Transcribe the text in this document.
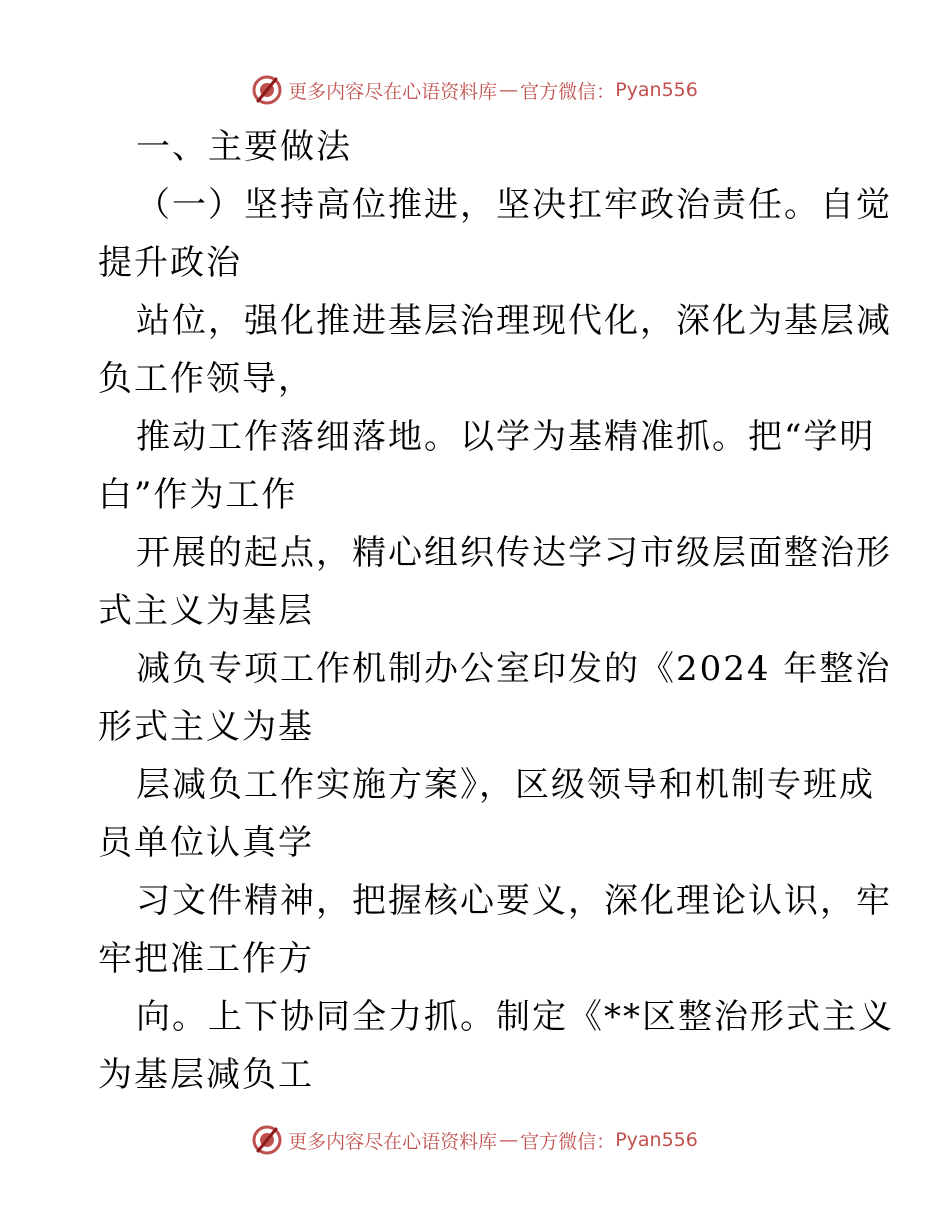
更多内容尽在心语资料库 — 官方微信： Pyan556
一、主要做法
（一）坚持高位推进，坚决扛牢政治责任。自觉
提升政治
站位，强化推进基层治理现代化，深化为基层减
负工作领导，
推动工作落细落地。以学为基精准抓。把“学明
白”作为工作
开展的起点，精心组织传达学习市级层面整治形
式主义为基层
减负专项工作机制办公室印发的《2024 年整治
形式主义为基
层减负工作实施方案》，区级领导和机制专班成
员单位认真学
习文件精神，把握核心要义，深化理论认识，牢
牢把准工作方
向。上下协同全力抓。制定《**区整治形式主义
为基层减负工
更多内容尽在心语资料库 — 官方微信： Pyan556
